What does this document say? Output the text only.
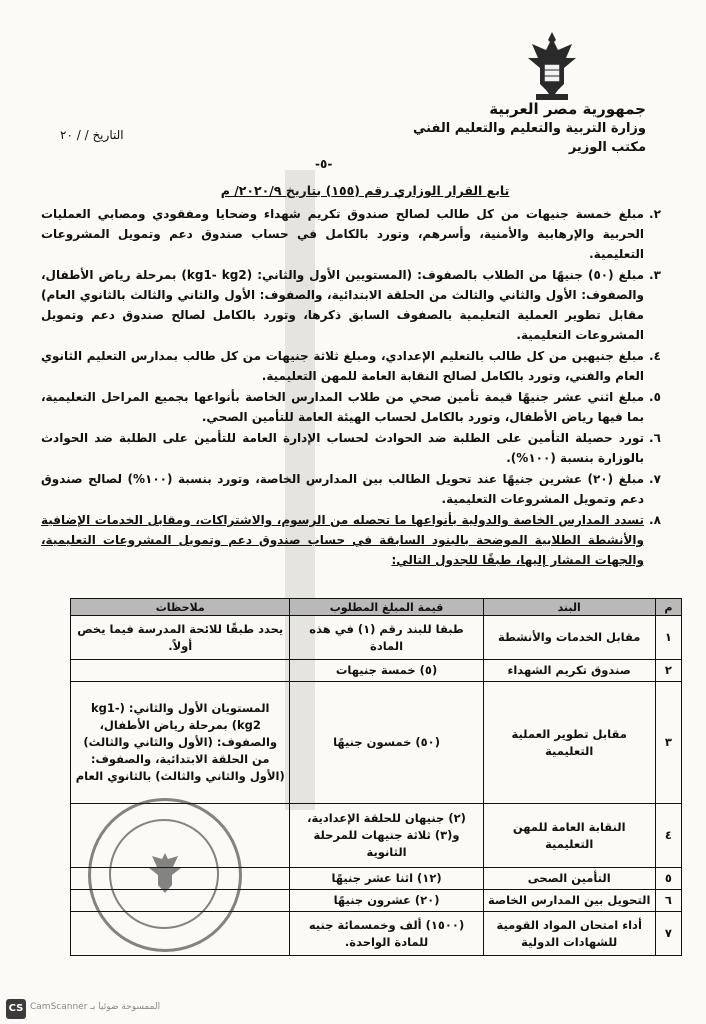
جمهورية مصر العربية
وزارة التربية والتعليم والتعليم الفني
مكتب الوزير
التاريخ / / ٢٠
-٥-
تابع القرار الوزاري رقم (١٥٥) بتاريخ ٢٠٢٠/٩/ م
٢.
مبلغ خمسة جنيهات من كل طالب لصالح صندوق تكريم شهداء وضحايا ومفقودي ومصابي العمليات الحربية والإرهابية والأمنية، وأسرهم، وتورد بالكامل في حساب صندوق دعم وتمويل المشروعات التعليمية.
٣.
مبلغ (٥٠) جنيهًا من الطلاب بالصفوف: (المستويين الأول والثاني: (kg1- kg2) بمرحلة رياض الأطفال، والصفوف: الأول والثاني والثالث من الحلقة الابتدائية، والصفوف: الأول والثاني والثالث بالثانوي العام) مقابل تطوير العملية التعليمية بالصفوف السابق ذكرها، وتورد بالكامل لصالح صندوق دعم وتمويل المشروعات التعليمية.
٤.
مبلغ جنيهين من كل طالب بالتعليم الإعدادي، ومبلغ ثلاثة جنيهات من كل طالب بمدارس التعليم الثانوي العام والفني، وتورد بالكامل لصالح النقابة العامة للمهن التعليمية.
٥.
مبلغ اثني عشر جنيهًا قيمة تأمين صحي من طلاب المدارس الخاصة بأنواعها بجميع المراحل التعليمية، بما فيها رياض الأطفال، وتورد بالكامل لحساب الهيئة العامة للتأمين الصحي.
٦.
تورد حصيلة التأمين على الطلبة ضد الحوادث لحساب الإدارة العامة للتأمين على الطلبة ضد الحوادث بالوزارة بنسبة (١٠٠%).
٧.
مبلغ (٢٠) عشرين جنيهًا عند تحويل الطالب بين المدارس الخاصة، وتورد بنسبة (١٠٠%) لصالح صندوق دعم وتمويل المشروعات التعليمية.
٨.
تسدد المدارس الخاصة والدولية بأنواعها ما تحصله من الرسوم، والاشتراكات، ومقابل الخدمات الإضافية والأنشطة الطلابية الموضحة بالبنود السابقة في حساب صندوق دعم وتمويل المشروعات التعليمية، والجهات المشار إليها، طبقًا للجدول التالي:
م	البند	قيمة المبلغ المطلوب	ملاحظات
١	مقابل الخدمات والأنشطة	طبقا للبند رقم (١) في هذه المادة	يحدد طبقًا للائحة المدرسة فيما يخص أولاً.
٢	صندوق تكريم الشهداء	(٥) خمسة جنيهات	
٣	مقابل تطوير العملية التعليمية	(٥٠) خمسون جنيهًا	المستويان الأول والثاني: (kg1- kg2) بمرحلة رياض الأطفال، والصفوف: (الأول والثاني والثالث) من الحلقة الابتدائية، والصفوف: (الأول والثاني والثالث) بالثانوي العام
٤	النقابة العامة للمهن التعليمية	(٢) جنيهان للحلقة الإعدادية، و(٣) ثلاثة جنيهات للمرحلة الثانوية	
٥	التأمين الصحى	(١٢) اثنا عشر جنيهًا	
٦	التحويل بين المدارس الخاصة	(٢٠) عشرون جنيهًا	
٧	أداء امتحان المواد القومية للشهادات الدولية	(١٥٠٠) ألف وخمسمائة جنيه للمادة الواحدة.	
CS الممسوحة ضوئيا بـ CamScanner
